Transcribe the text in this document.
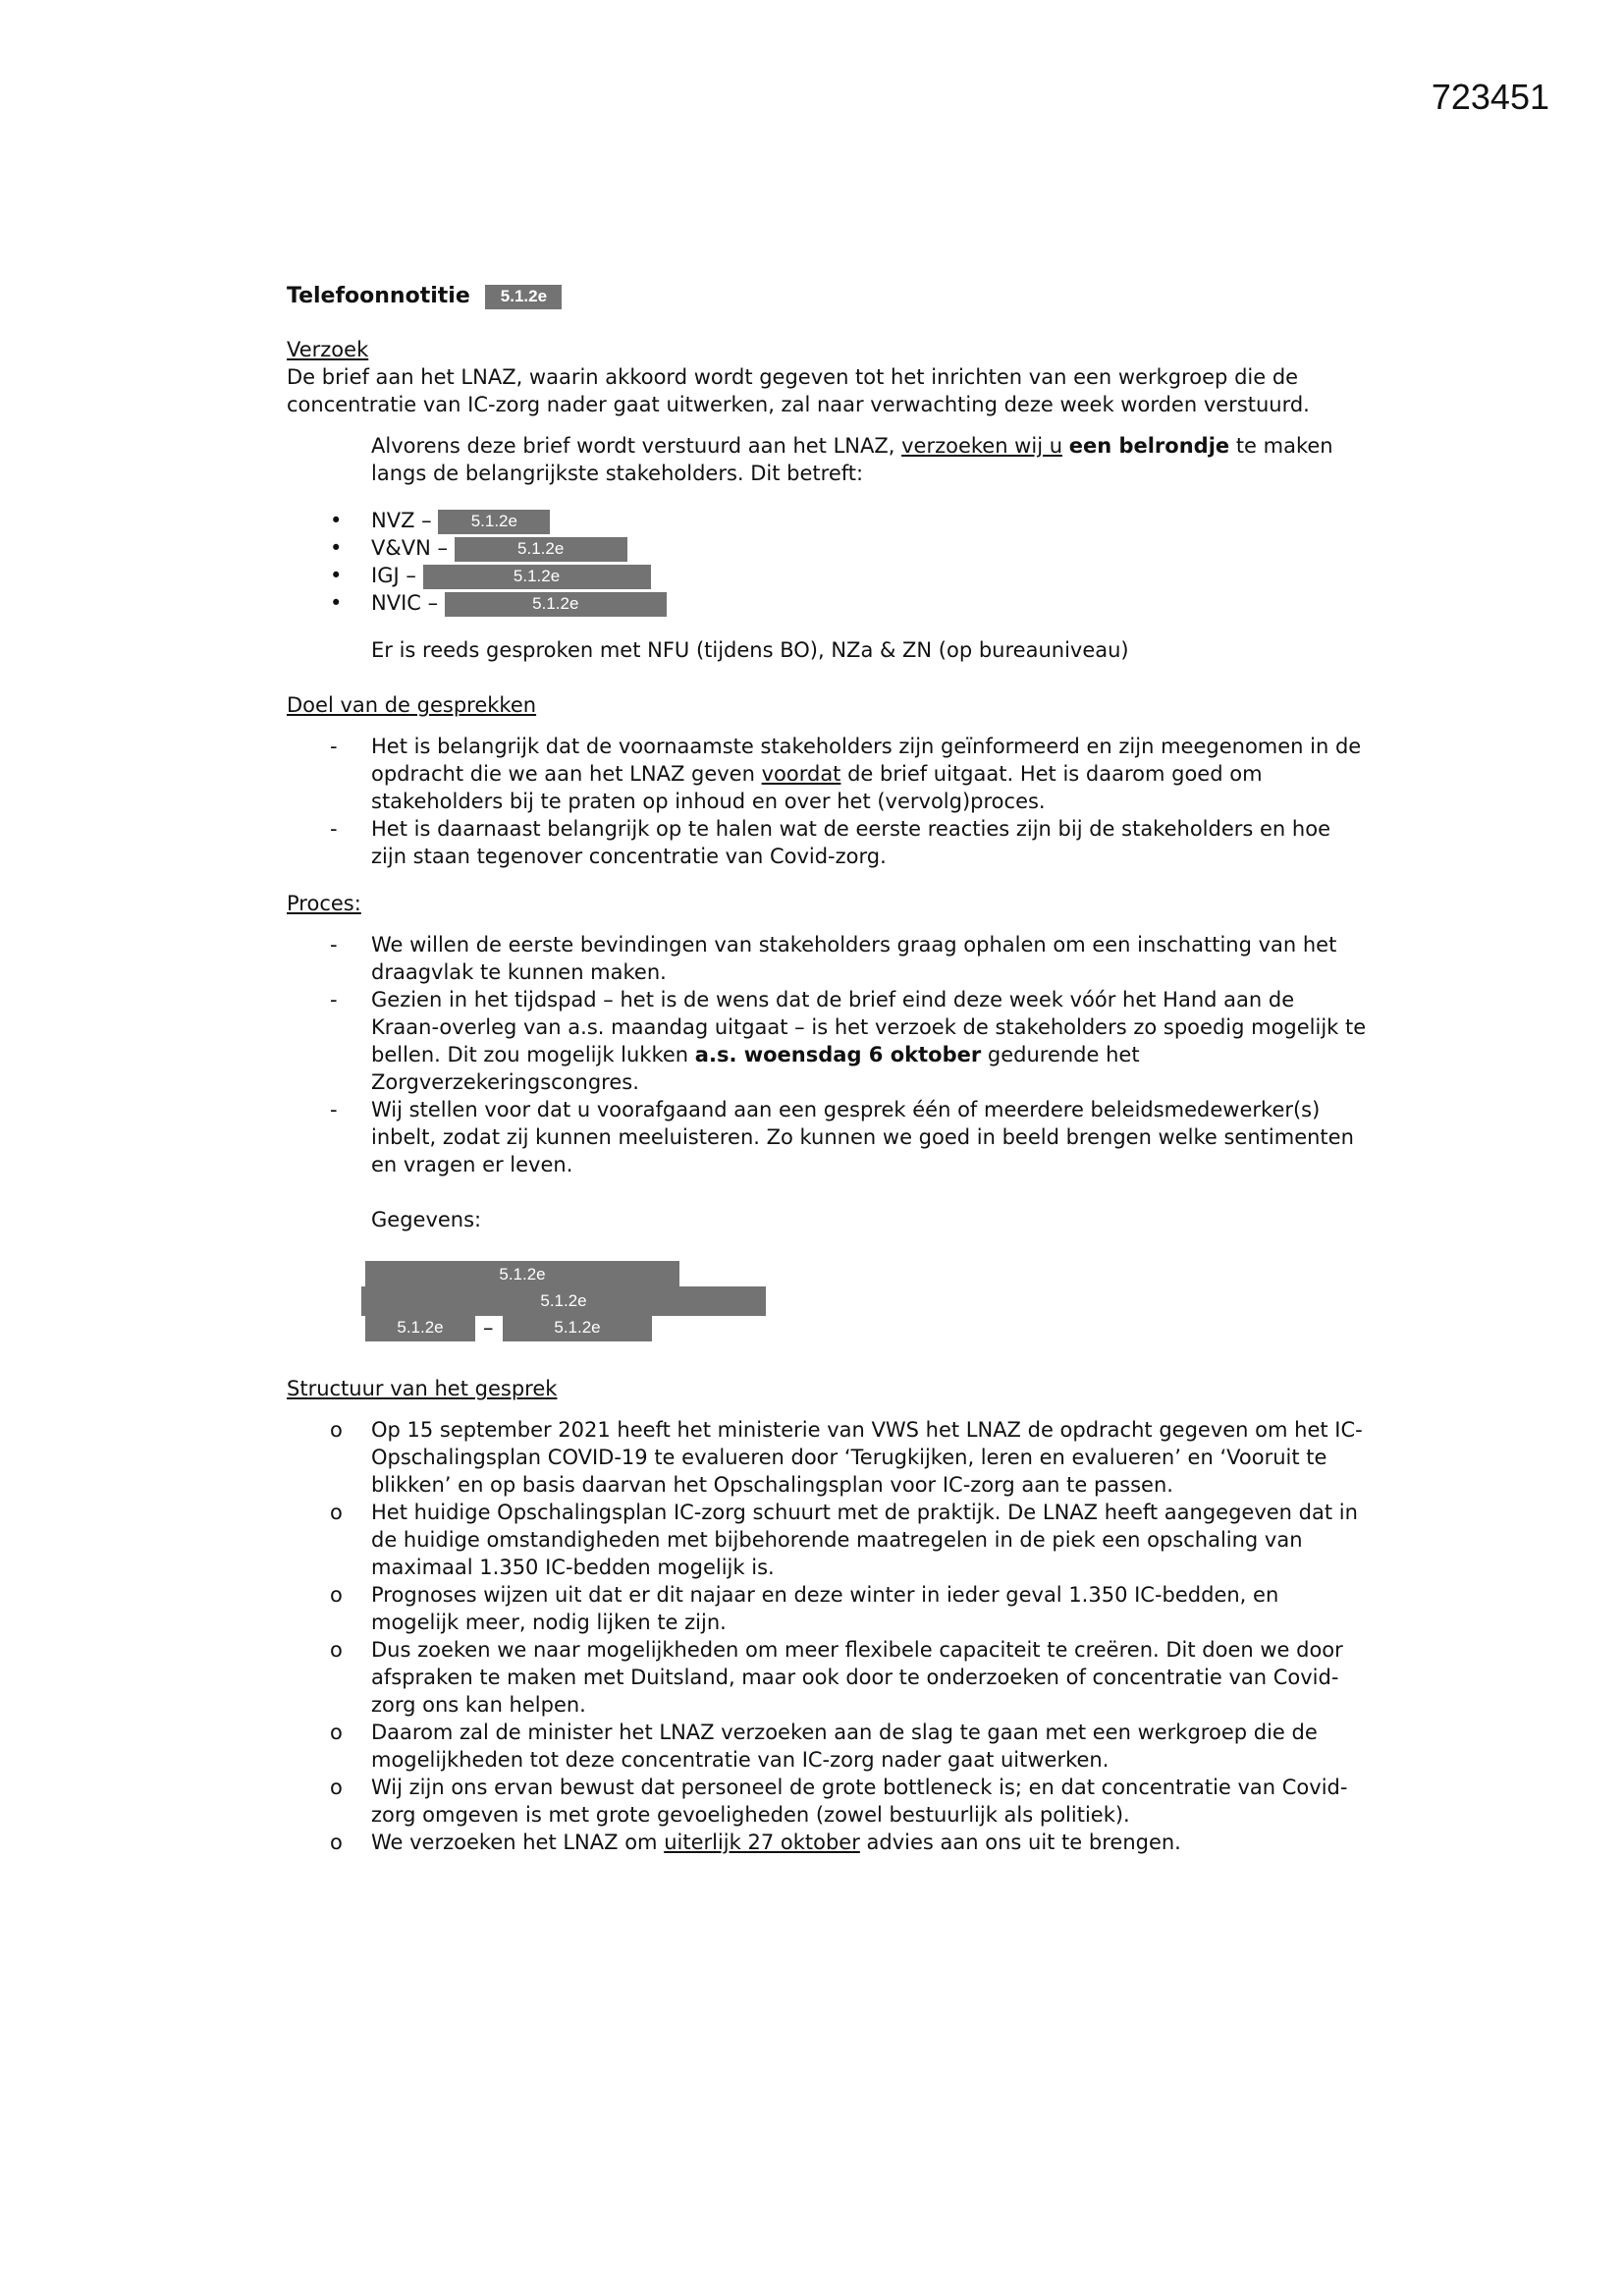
723451
Telefoonnotitie 5.1.2e

Verzoek

De brief aan het LNAZ, waarin akkoord wordt gegeven tot het inrichten van een werkgroep die de concentratie van IC-zorg nader gaat uitwerken, zal naar verwachting deze week worden verstuurd.

Alvorens deze brief wordt verstuurd aan het LNAZ, verzoeken wij u een belrondje te maken langs de belangrijkste stakeholders. Dit betreft:

• NVZ – 5.1.2e
• V&VN –	5.1.2e
• IGJ –	5.1.2e
• NVIC –	5.1.2e

Er is reeds gesproken met NFU (tijdens BO), NZa & ZN (op bureauniveau)

Doel van de gesprekken

- Het is belangrijk dat de voornaamste stakeholders zijn geïnformeerd en zijn meegenomen in de opdracht die we aan het LNAZ geven voordat de brief uitgaat. Het is daarom goed om stakeholders bij te praten op inhoud en over het (vervolg)proces.
- Het is daarnaast belangrijk op te halen wat de eerste reacties zijn bij de stakeholders en hoe zijn staan tegenover concentratie van Covid-zorg.

Proces:

- We willen de eerste bevindingen van stakeholders graag ophalen om een inschatting van het draagvlak te kunnen maken.
- Gezien in het tijdspad – het is de wens dat de brief eind deze week vóór het Hand aan de Kraan-overleg van a.s. maandag uitgaat – is het verzoek de stakeholders zo spoedig mogelijk te bellen. Dit zou mogelijk lukken a.s. woensdag 6 oktober gedurende het Zorgverzekeringscongres.
- Wij stellen voor dat u voorafgaand aan een gesprek één of meerdere beleidsmedewerker(s) inbelt, zodat zij kunnen meeluisteren. Zo kunnen we goed in beeld brengen welke sentimenten en vragen er leven.

Gegevens:

5.1.2e
5.1.2e
5.1.2e	–	5.1.2e

Structuur van het gesprek

o Op 15 september 2021 heeft het ministerie van VWS het LNAZ de opdracht gegeven om het IC-Opschalingsplan COVID-19 te evalueren door ‘Terugkijken, leren en evalueren’ en ‘Vooruit te blikken’ en op basis daarvan het Opschalingsplan voor IC-zorg aan te passen.
o Het huidige Opschalingsplan IC-zorg schuurt met de praktijk. De LNAZ heeft aangegeven dat in de huidige omstandigheden met bijbehorende maatregelen in de piek een opschaling van maximaal 1.350 IC-bedden mogelijk is.
o Prognoses wijzen uit dat er dit najaar en deze winter in ieder geval 1.350 IC-bedden, en mogelijk meer, nodig lijken te zijn.
o Dus zoeken we naar mogelijkheden om meer flexibele capaciteit te creëren. Dit doen we door afspraken te maken met Duitsland, maar ook door te onderzoeken of concentratie van Covid-zorg ons kan helpen.
o Daarom zal de minister het LNAZ verzoeken aan de slag te gaan met een werkgroep die de mogelijkheden tot deze concentratie van IC-zorg nader gaat uitwerken.
o Wij zijn ons ervan bewust dat personeel de grote bottleneck is; en dat concentratie van Covid-zorg omgeven is met grote gevoeligheden (zowel bestuurlijk als politiek).
o We verzoeken het LNAZ om uiterlijk 27 oktober advies aan ons uit te brengen.
